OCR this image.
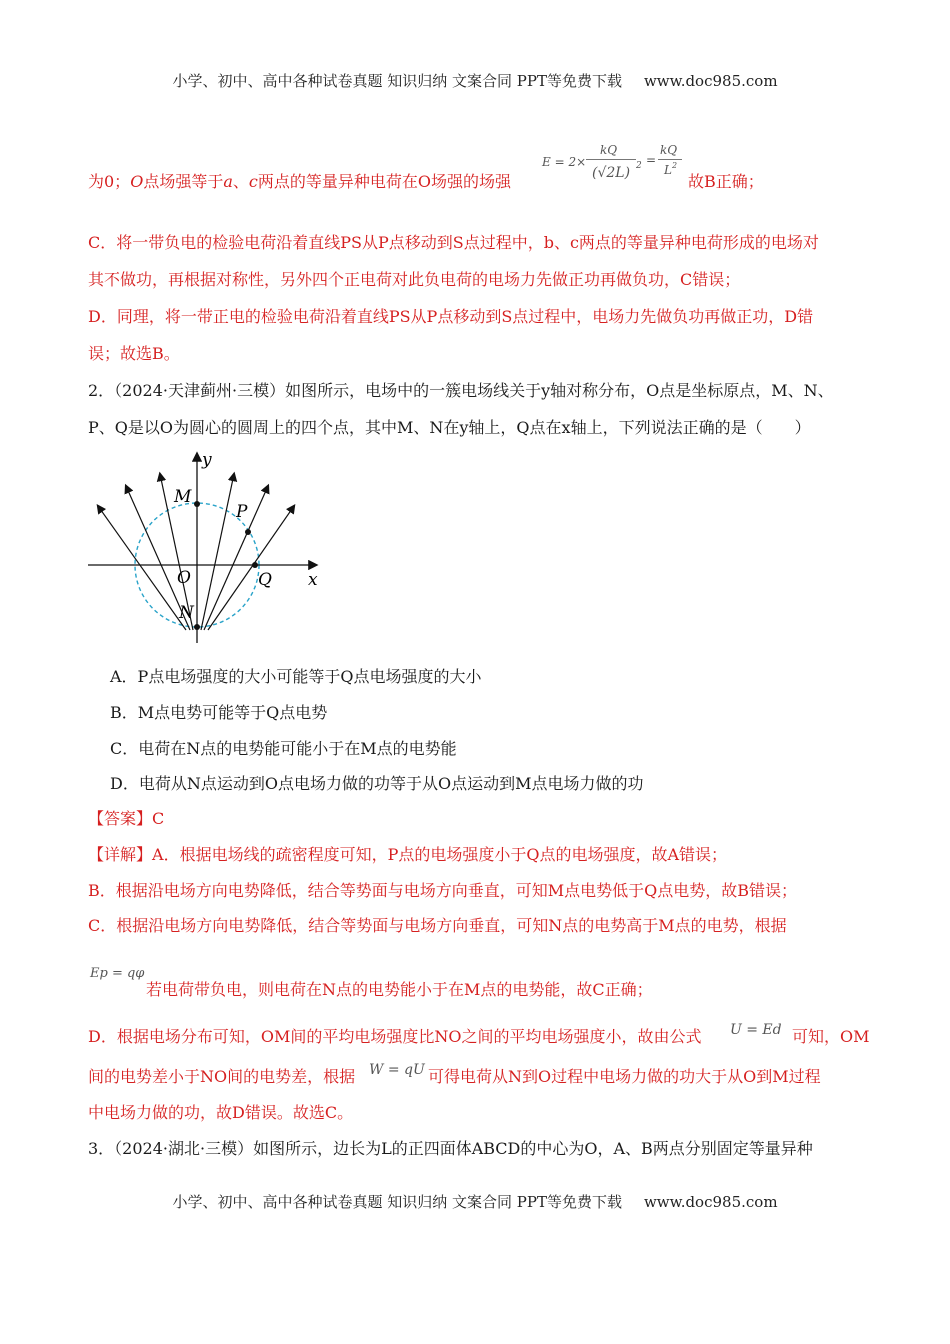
小学、初中、高中各种试卷真题 知识归纳 文案合同 PPT等免费下载 www.doc985.com
E = 2×
kQ
(√2L) 2 =
kQ
L 2
为0；O点场强等于a、c两点的等量异种电荷在O场强的场强	故B正确；
C．将一带负电的检验电荷沿着直线PS从P点移动到S点过程中，b、c两点的等量异种电荷形成的电场对
其不做功，再根据对称性，另外四个正电荷对此负电荷的电场力先做正功再做负功，C错误；
D．同理，将一带正电的检验电荷沿着直线PS从P点移动到S点过程中，电场力先做负功再做正功，D错
误；故选B。
2．（2024·天津蓟州·三模）如图所示，电场中的一簇电场线关于y轴对称分布，O点是坐标原点，M、N、
P、Q是以O为圆心的圆周上的四个点，其中M、N在y轴上，Q点在x轴上，下列说法正确的是（　　）
y
x
M
P
O	Q
N
A．P点电场强度的大小可能等于Q点电场强度的大小
B．M点电势可能等于Q点电势
C．电荷在N点的电势能可能小于在M点的电势能
D．电荷从N点运动到O点电场力做的功等于从O点运动到M点电场力做的功
【答案】C
【详解】A．根据电场线的疏密程度可知，P点的电场强度小于Q点的电场强度，故A错误；
B．根据沿电场方向电势降低，结合等势面与电场方向垂直，可知M点电势低于Q点电势，故B错误；
C．根据沿电场方向电势降低，结合等势面与电场方向垂直，可知N点的电势高于M点的电势，根据
Ep = qφ
若电荷带负电，则电荷在N点的电势能小于在M点的电势能，故C正确；
D．根据电场分布可知，OM间的平均电场强度比NO之间的平均电场强度小，故由公式 U = Ed 可知，OM
间的电势差小于NO间的电势差，根据 W = qU 可得电荷从N到O过程中电场力做的功大于从O到M过程
中电场力做的功，故D错误。故选C。
3．（2024·湖北·三模）如图所示，边长为L的正四面体ABCD的中心为O，A、B两点分别固定等量异种
小学、初中、高中各种试卷真题 知识归纳 文案合同 PPT等免费下载 www.doc985.com
